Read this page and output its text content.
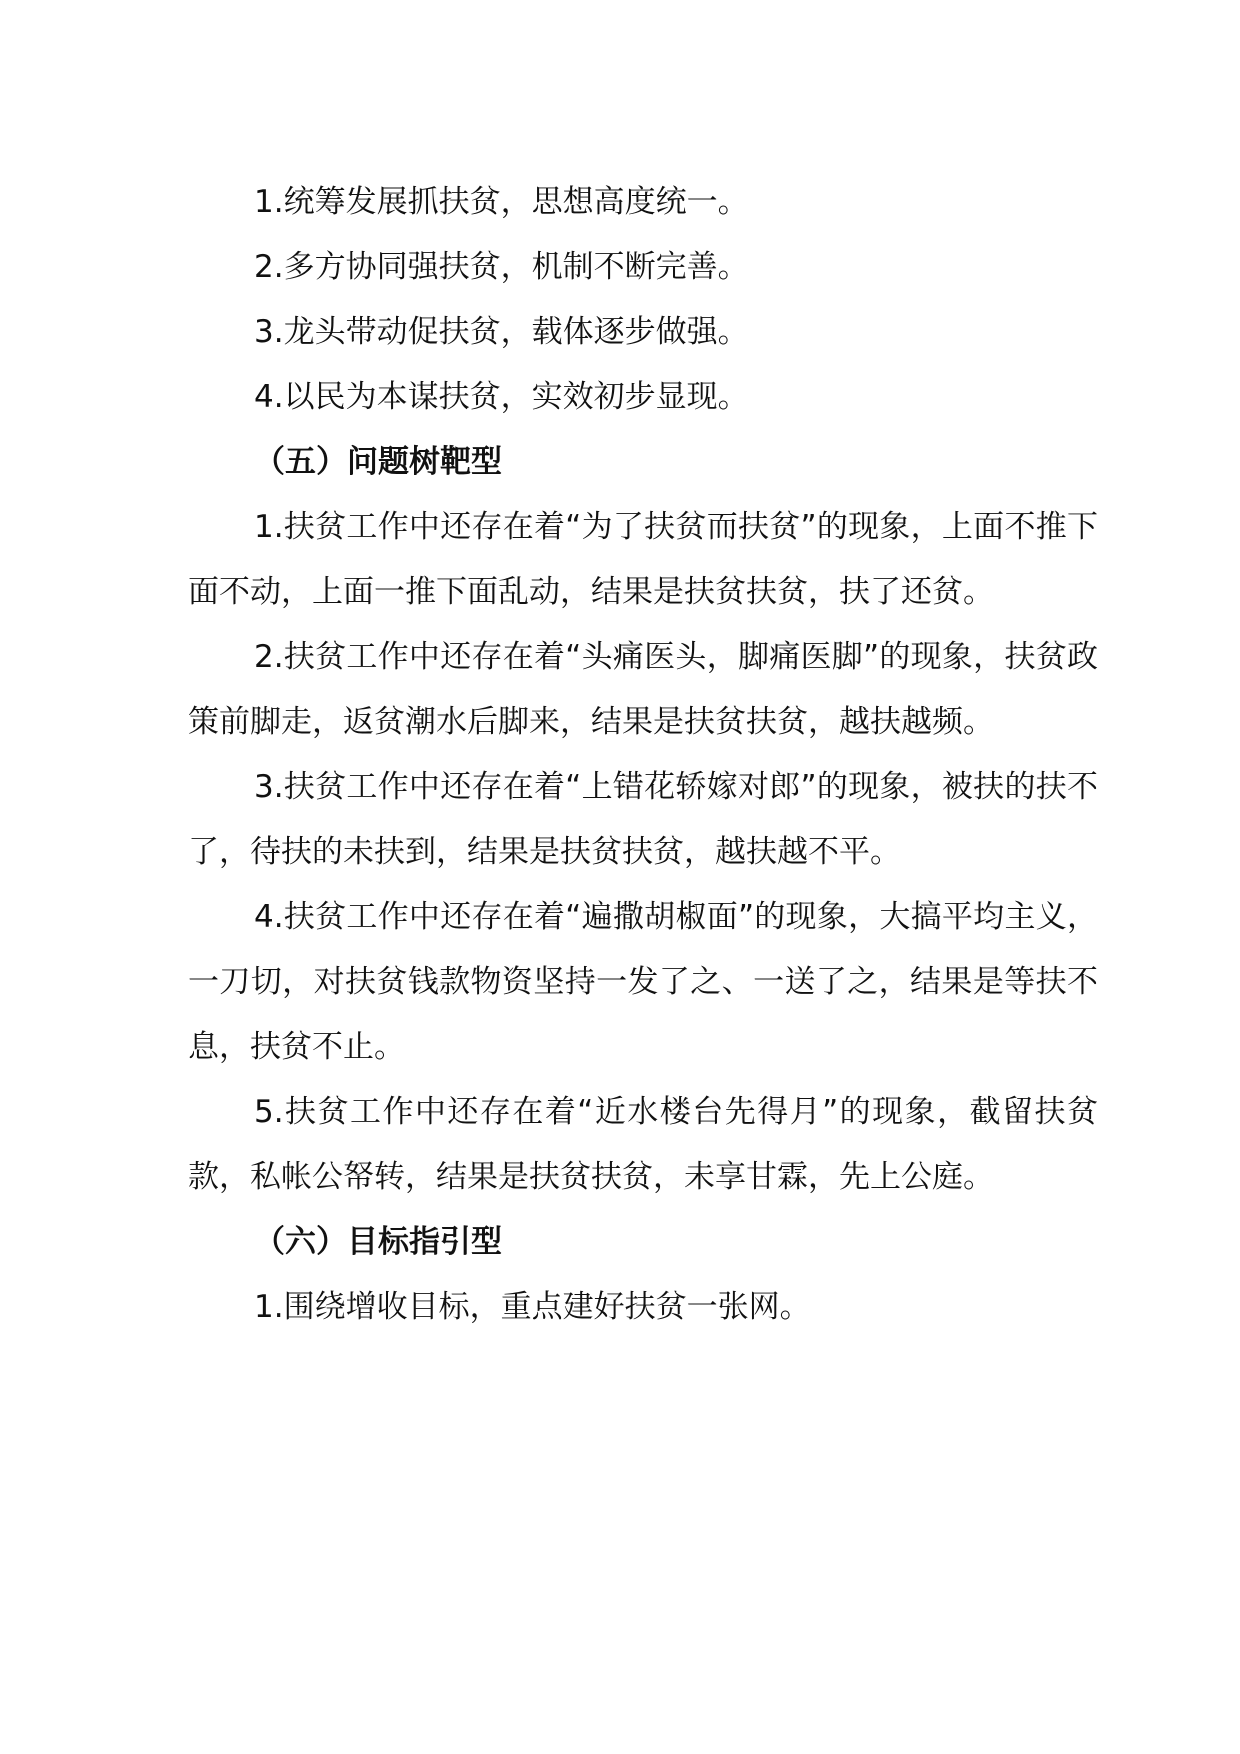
1.统筹发展抓扶贫，思想高度统一。

2.多方协同强扶贫，机制不断完善。

3.龙头带动促扶贫，载体逐步做强。

4.以民为本谋扶贫，实效初步显现。

（五）问题树靶型

1.扶贫工作中还存在着“为了扶贫而扶贫”的现象，上面不推下面不动，上面一推下面乱动，结果是扶贫扶贫，扶了还贫。

2.扶贫工作中还存在着“头痛医头，脚痛医脚”的现象，扶贫政策前脚走，返贫潮水后脚来，结果是扶贫扶贫，越扶越频。

3.扶贫工作中还存在着“上错花轿嫁对郎”的现象，被扶的扶不了，待扶的未扶到，结果是扶贫扶贫，越扶越不平。

4.扶贫工作中还存在着“遍撒胡椒面”的现象，大搞平均主义，一刀切，对扶贫钱款物资坚持一发了之、一送了之，结果是等扶不息，扶贫不止。

5.扶贫工作中还存在着“近水楼台先得月”的现象，截留扶贫款，私帐公帑转，结果是扶贫扶贫，未享甘霖，先上公庭。

（六）目标指引型

1.围绕增收目标，重点建好扶贫一张网。
